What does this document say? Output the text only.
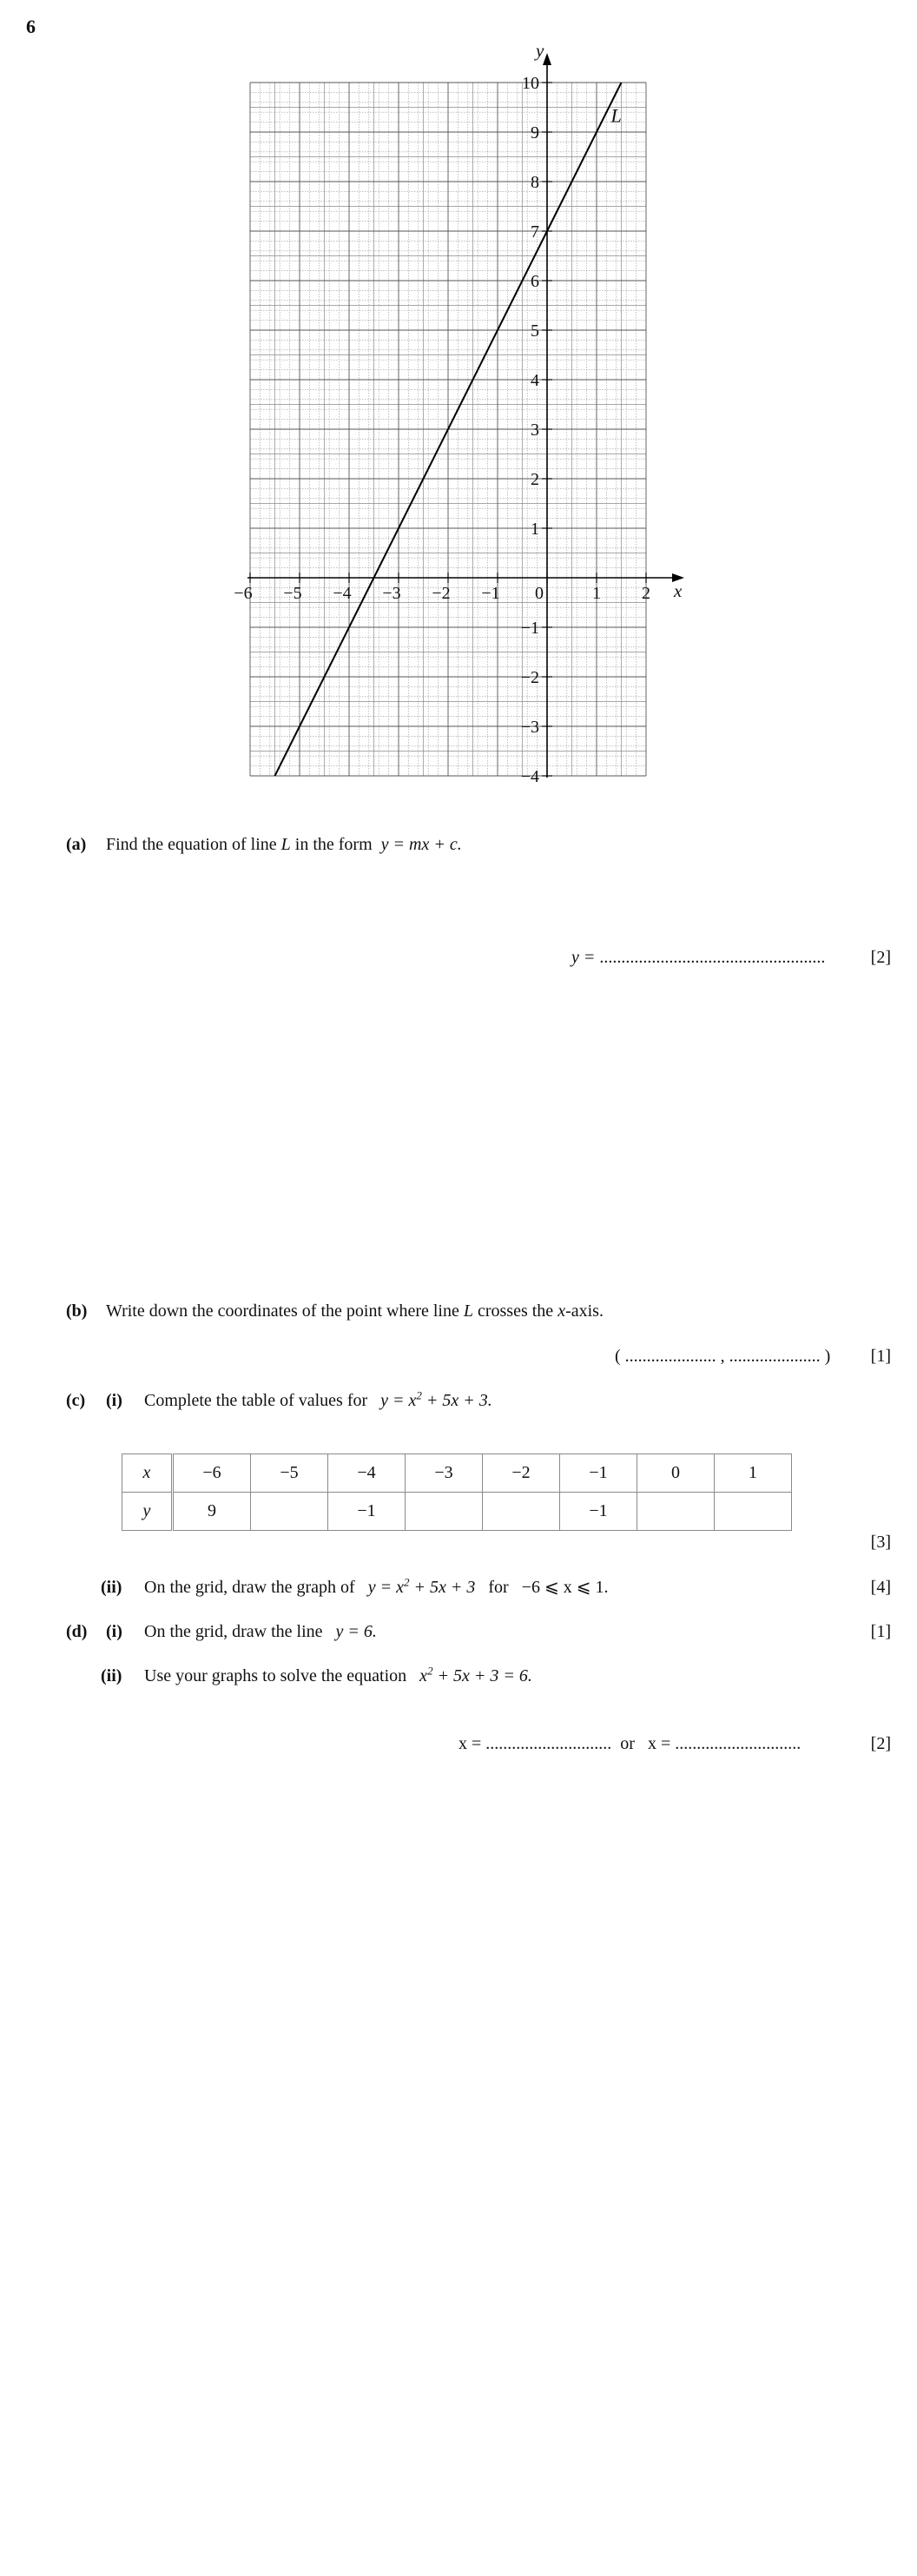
6
−6 −5 −4 −3 −2 −1 0	1 2
−4
−3
−2
−1
1
2
3
4
5
6
7
8
9
10
x
y
L
(a) Find the equation of line L in the form y = mx + c.
y = ....................................................	[2]
(b) Write down the coordinates of the point where line L crosses the x-axis.
( ..................... , ..................... ) [1]
(c) (i) Complete the table of values for $y = x^2 + 5x + 3$.
x	−6	−5	−4	−3	−2	−1	0	1
y	9		−1			−1		
[3]
(ii) On the grid, draw the graph of $y = x^2 + 5x + 3$ for −6 ⩽ x ⩽ 1.	[4]
(d) (i) On the grid, draw the line y = 6.	[1]
(ii) Use your graphs to solve the equation $x^2 + 5x + 3 = 6$.
x = ............................. or x = .............................	[2]
